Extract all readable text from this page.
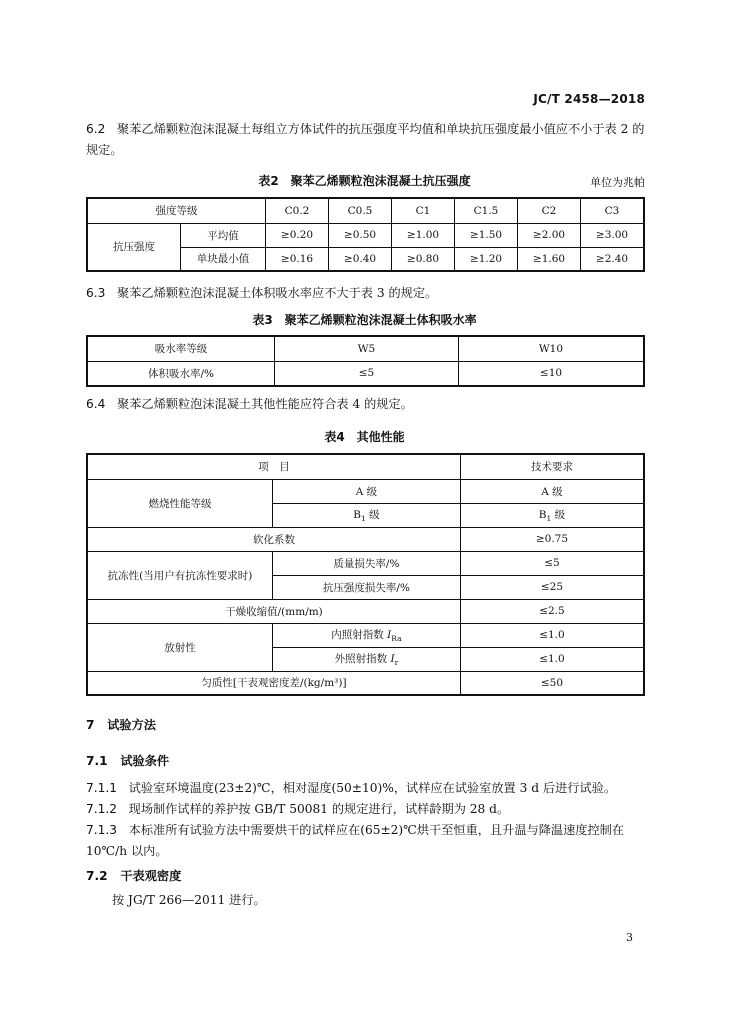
JC/T 2458—2018
6.2 聚苯乙烯颗粒泡沫混凝土每组立方体试件的抗压强度平均值和单块抗压强度最小值应不小于表 2 的规定。
表2　聚苯乙烯颗粒泡沫混凝土抗压强度	单位为兆帕
强度等级		C0.2	C0.5	C1	C1.5	C2	C3
抗压强度	平均值	≥0.20	≥0.50	≥1.00	≥1.50	≥2.00	≥3.00
	单块最小值	≥0.16	≥0.40	≥0.80	≥1.20	≥1.60	≥2.40
6.3 聚苯乙烯颗粒泡沫混凝土体积吸水率应不大于表 3 的规定。
表3　聚苯乙烯颗粒泡沫混凝土体积吸水率
吸水率等级	W5	W10
体积吸水率/%	≤5	≤10
6.4 聚苯乙烯颗粒泡沫混凝土其他性能应符合表 4 的规定。
表4　其他性能
项　目		技术要求
燃烧性能等级	A 级	A 级
	$B_1$ 级	$B_1$ 级
软化系数		≥0.75
抗冻性(当用户有抗冻性要求时)	质量损失率/%	≤5
	抗压强度损失率/%	≤25
干燥收缩值/(mm/m)		≤2.5
放射性	内照射指数 $I_{Ra}$	≤1.0
	外照射指数 $I_r$	≤1.0
匀质性[干表观密度差/(kg/m³)]		≤50
7 试验方法
7.1 试验条件
7.1.1 试验室环境温度(23±2)℃，相对湿度(50±10)%，试样应在试验室放置 3 d 后进行试验。
7.1.2 现场制作试样的养护按 GB/T 50081 的规定进行，试样龄期为 28 d。
7.1.3 本标准所有试验方法中需要烘干的试样应在(65±2)℃烘干至恒重，且升温与降温速度控制在 10℃/h 以内。
7.2 干表观密度
按 JG/T 266—2011 进行。
3
